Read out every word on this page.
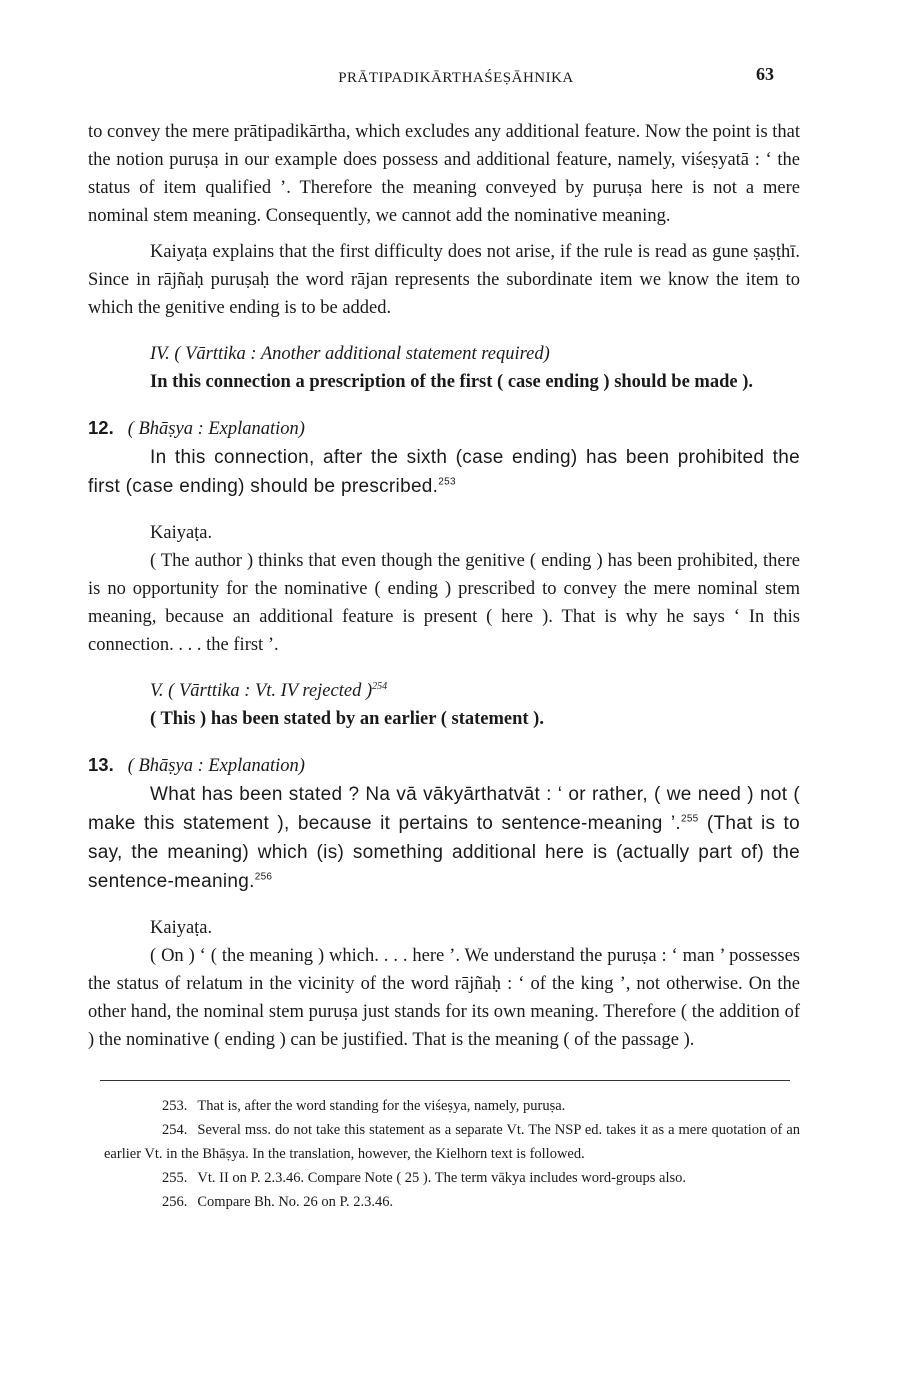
PRĀTIPADIKĀRTHAŚEṢĀHNIKA	63

to convey the mere prātipadikārtha, which excludes any additional feature. Now the point is that the notion puruṣa in our example does possess and additional feature, namely, viśeṣyatā : ‘ the status of item qualified ’. Therefore the meaning conveyed by puruṣa here is not a mere nominal stem meaning. Consequently, we cannot add the nominative meaning.

Kaiyaṭa explains that the first difficulty does not arise, if the rule is read as gune ṣaṣṭhī. Since in rājñaḥ puruṣaḥ the word rājan represents the subordinate item we know the item to which the genitive ending is to be added.

IV. ( Vārttika : Another additional statement required)

In this connection a prescription of the first ( case ending ) should be made ).

12. ( Bhāṣya : Explanation)

In this connection, after the sixth (case ending) has been prohibited the first (case ending) should be prescribed.$^{253}$

Kaiyaṭa.

( The author ) thinks that even though the genitive ( ending ) has been prohibited, there is no opportunity for the nominative ( ending ) prescribed to convey the mere nominal stem meaning, because an additional feature is present ( here ). That is why he says ‘ In this connection. . . . the first ’.

V. ( Vārttika : Vt. IV rejected )$^{254}$

( This ) has been stated by an earlier ( statement ).

13. ( Bhāṣya : Explanation)

What has been stated ? Na vā vākyārthatvāt : ‘ or rather, ( we need ) not ( make this statement ), because it pertains to sentence-meaning ’.$^{255}$ (That is to say, the meaning) which (is) something additional here is (actually part of) the sentence-meaning.$^{256}$

Kaiyaṭa.

( On ) ‘ ( the meaning ) which. . . . here ’. We understand the puruṣa : ‘ man ’ possesses the status of relatum in the vicinity of the word rājñaḥ : ‘ of the king ’, not otherwise. On the other hand, the nominal stem puruṣa just stands for its own meaning. Therefore ( the addition of ) the nominative ( ending ) can be justified. That is the meaning ( of the passage ).

253. That is, after the word standing for the viśeṣya, namely, puruṣa.

254. Several mss. do not take this statement as a separate Vt. The NSP ed. takes it as a mere quotation of an earlier Vt. in the Bhāṣya. In the translation, however, the Kielhorn text is followed.

255. Vt. II on P. 2.3.46. Compare Note ( 25 ). The term vākya includes word-groups also.

256. Compare Bh. No. 26 on P. 2.3.46.
